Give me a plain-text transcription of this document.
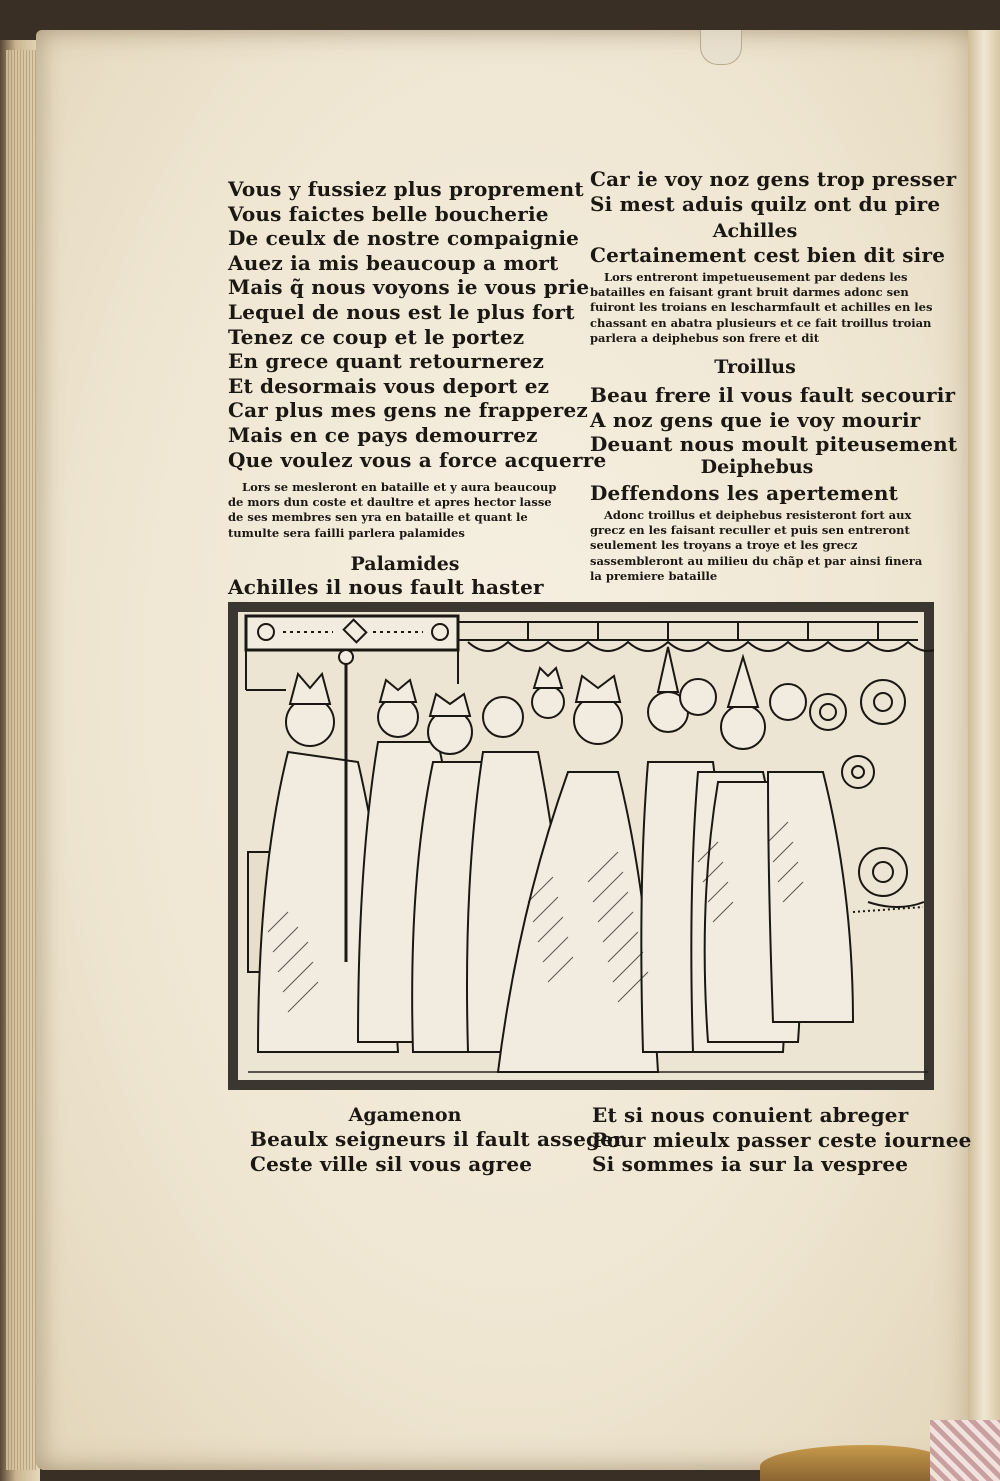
Vous y fussiez plus proprement
Vous faictes belle boucherie
De ceulx de nostre compaignie
Auez ia mis beaucoup a mort
Mais q̃ nous voyons ie vous prie
Lequel de nous est le plus fort
Tenez ce coup et le portez
En grece quant retournerez
Et desormais vous deport ez
Car plus mes gens ne frapperez
Mais en ce pays demourrez
Que voulez vous a force acquerre

Lors se mesleront en bataille et y aura beaucoup de mors dun coste et daultre et apres hector lasse de ses membres sen yra en bataille et quant le tumulte sera failli parlera palamides

Palamides
Achilles il nous fault haster
Car ie voy noz gens trop presser
Si mest aduis quilz ont du pire
Achilles
Certainement cest bien dit sire

Lors entreront impetueusement par dedens les batailles en faisant grant bruit darmes adonc sen fuiront les troians en lescharmfault et achilles en les chassant en abatra plusieurs et ce fait troillus troian parlera a deiphebus son frere et dit

Troillus
Beau frere il vous fault secourir
A noz gens que ie voy mourir
Deuant nous moult piteusement
Deiphebus
Deffendons les apertement

Adonc troillus et deiphebus resisteront fort aux grecz en les faisant reculler et puis sen entreront seulement les troyans a troye et les grecz sassembleront au milieu du chãp et par ainsi finera la premiere bataille

Agamenon
Beaulx seigneurs il fault asseger
Ceste ville sil vous agree
Et si nous conuient abreger
Pour mieulx passer ceste iournee
Si sommes ia sur la vespree
